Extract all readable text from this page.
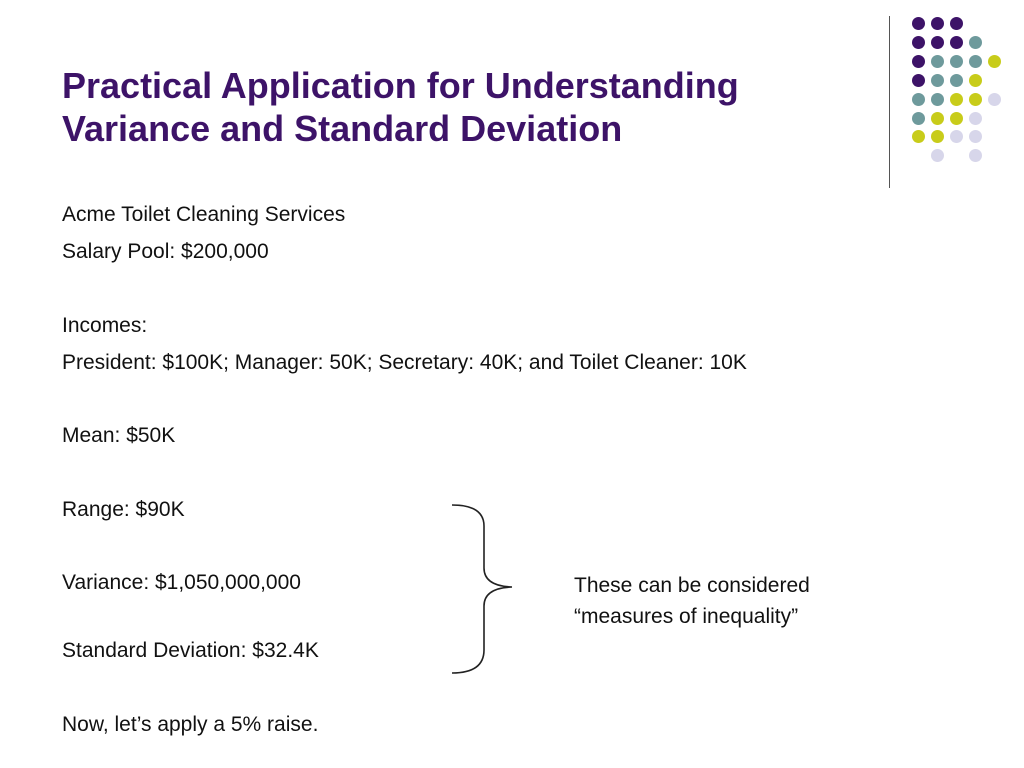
Practical Application for Understanding
Variance and Standard Deviation
Acme Toilet Cleaning Services
Salary Pool: $200,000
Incomes:
President: $100K; Manager: 50K; Secretary: 40K; and Toilet Cleaner: 10K
Mean: $50K
Range: $90K
Variance: $1,050,000,000
Standard Deviation: $32.4K
Now, let’s apply a 5% raise.
These can be considered
“measures of inequality”
